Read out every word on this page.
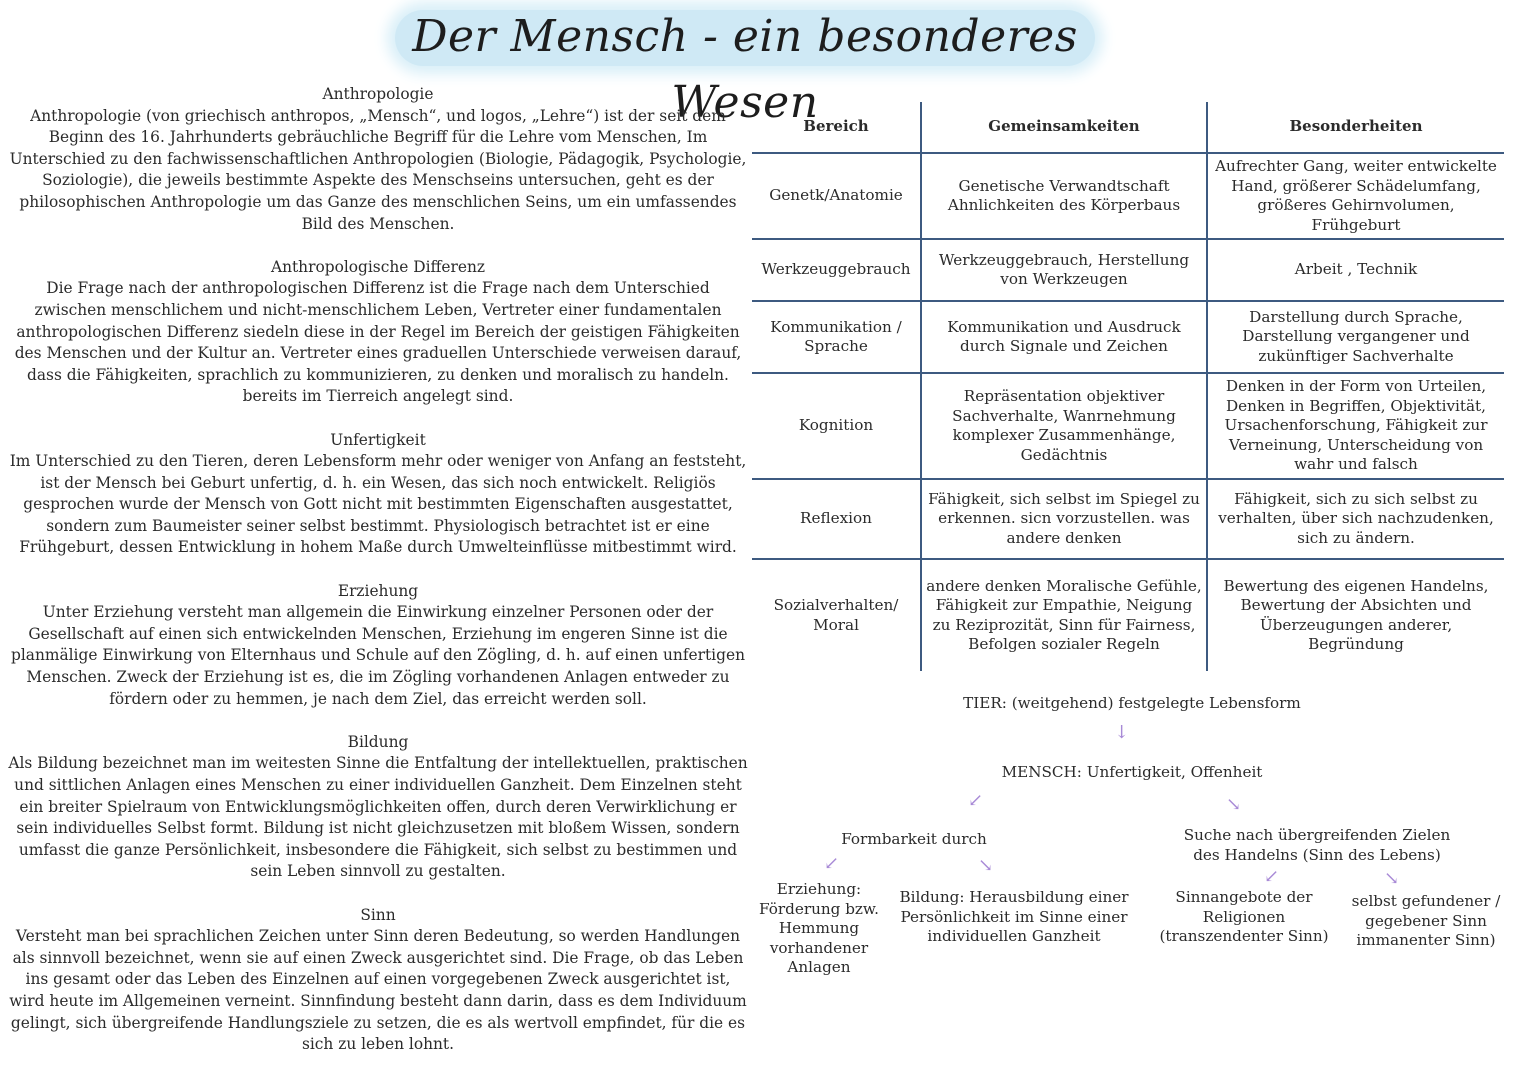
Der Mensch - ein besonderes Wesen
Anthropologie

Anthropologie (von griechisch anthropos, „Mensch“, und logos, „Lehre“) ist der seit dem Beginn des 16. Jahrhunderts gebräuchliche Begriff für die Lehre vom Menschen, Im Unterschied zu den fachwissenschaftlichen Anthropologien (Biologie, Pädagogik, Psychologie, Soziologie), die jeweils bestimmte Aspekte des Menschseins untersuchen, geht es der philosophischen Anthropologie um das Ganze des menschlichen Seins, um ein umfassendes Bild des Menschen.

Anthropologische Differenz

Die Frage nach der anthropologischen Differenz ist die Frage nach dem Unterschied zwischen menschlichem und nicht-menschlichem Leben, Vertreter einer fundamentalen anthropologischen Differenz siedeln diese in der Regel im Bereich der geistigen Fähigkeiten des Menschen und der Kultur an. Vertreter eines graduellen Unterschiede verweisen darauf, dass die Fähigkeiten, sprachlich zu kommunizieren, zu denken und moralisch zu handeln. bereits im Tierreich angelegt sind.

Unfertigkeit

Im Unterschied zu den Tieren, deren Lebensform mehr oder weniger von Anfang an feststeht, ist der Mensch bei Geburt unfertig, d. h. ein Wesen, das sich noch entwickelt. Religiös gesprochen wurde der Mensch von Gott nicht mit bestimmten Eigenschaften ausgestattet, sondern zum Baumeister seiner selbst bestimmt. Physiologisch betrachtet ist er eine Frühgeburt, dessen Entwicklung in hohem Maße durch Umwelteinflüsse mitbestimmt wird.

Erziehung

Unter Erziehung versteht man allgemein die Einwirkung einzelner Personen oder der Gesellschaft auf einen sich entwickelnden Menschen, Erziehung im engeren Sinne ist die planmälige Einwirkung von Elternhaus und Schule auf den Zögling, d. h. auf einen unfertigen Menschen. Zweck der Erziehung ist es, die im Zögling vorhandenen Anlagen entweder zu fördern oder zu hemmen, je nach dem Ziel, das erreicht werden soll.

Bildung

Als Bildung bezeichnet man im weitesten Sinne die Entfaltung der intellektuellen, praktischen und sittlichen Anlagen eines Menschen zu einer individuellen Ganzheit. Dem Einzelnen steht ein breiter Spielraum von Entwicklungsmöglichkeiten offen, durch deren Verwirklichung er sein individuelles Selbst formt. Bildung ist nicht gleichzusetzen mit bloßem Wissen, sondern umfasst die ganze Persönlichkeit, insbesondere die Fähigkeit, sich selbst zu bestimmen und sein Leben sinnvoll zu gestalten.

Sinn

Versteht man bei sprachlichen Zeichen unter Sinn deren Bedeutung, so werden Handlungen als sinnvoll bezeichnet, wenn sie auf einen Zweck ausgerichtet sind. Die Frage, ob das Leben ins gesamt oder das Leben des Einzelnen auf einen vorgegebenen Zweck ausgerichtet ist, wird heute im Allgemeinen verneint. Sinnfindung besteht dann darin, dass es dem Individuum gelingt, sich übergreifende Handlungsziele zu setzen, die es als wertvoll empfindet, für die es sich zu leben lohnt.

Bereich	Gemeinsamkeiten	Besonderheiten
Genetk/Anatomie	Genetische Verwandtschaft Ahnlichkeiten des Körperbaus	Aufrechter Gang, weiter entwickelte Hand, größerer Schädelumfang, größeres Gehirnvolumen, Frühgeburt
Werkzeuggebrauch	Werkzeuggebrauch, Herstellung von Werkzeugen	Arbeit , Technik
Kommunikation / Sprache	Kommunikation und Ausdruck durch Signale und Zeichen	Darstellung durch Sprache, Darstellung vergangener und zukünftiger Sachverhalte
Kognition	Repräsentation objektiver Sachverhalte, Wanrnehmung komplexer Zusammenhänge, Gedächtnis	Denken in der Form von Urteilen, Denken in Begriffen, Objektivität, Ursachenforschung, Fähigkeit zur Verneinung, Unterscheidung von wahr und falsch
Reflexion	Fähigkeit, sich selbst im Spiegel zu erkennen. sicn vorzustellen. was andere denken	Fähigkeit, sich zu sich selbst zu verhalten, über sich nachzudenken, sich zu ändern.
Sozialverhalten/ Moral	andere denken Moralische Gefühle, Fähigkeit zur Empathie, Neigung zu Reziprozität, Sinn für Fairness, Befolgen sozialer Regeln	Bewertung des eigenen Handelns, Bewertung der Absichten und Überzeugungen anderer, Begründung
TIER: (weitgehend) festgelegte Lebensform
↓
MENSCH: Unfertigkeit, Offenheit
↙	↘
Formbarkeit durch	Suche nach übergreifenden Zielen des Handelns (Sinn des Lebens)
↙	↘
↙	↘
Erziehung: Förderung bzw. Hemmung vorhandener Anlagen
Bildung: Herausbildung einer Persönlichkeit im Sinne einer individuellen Ganzheit
Sinnangebote der Religionen (transzendenter Sinn)
selbst gefundener / gegebener Sinn immanenter Sinn)
